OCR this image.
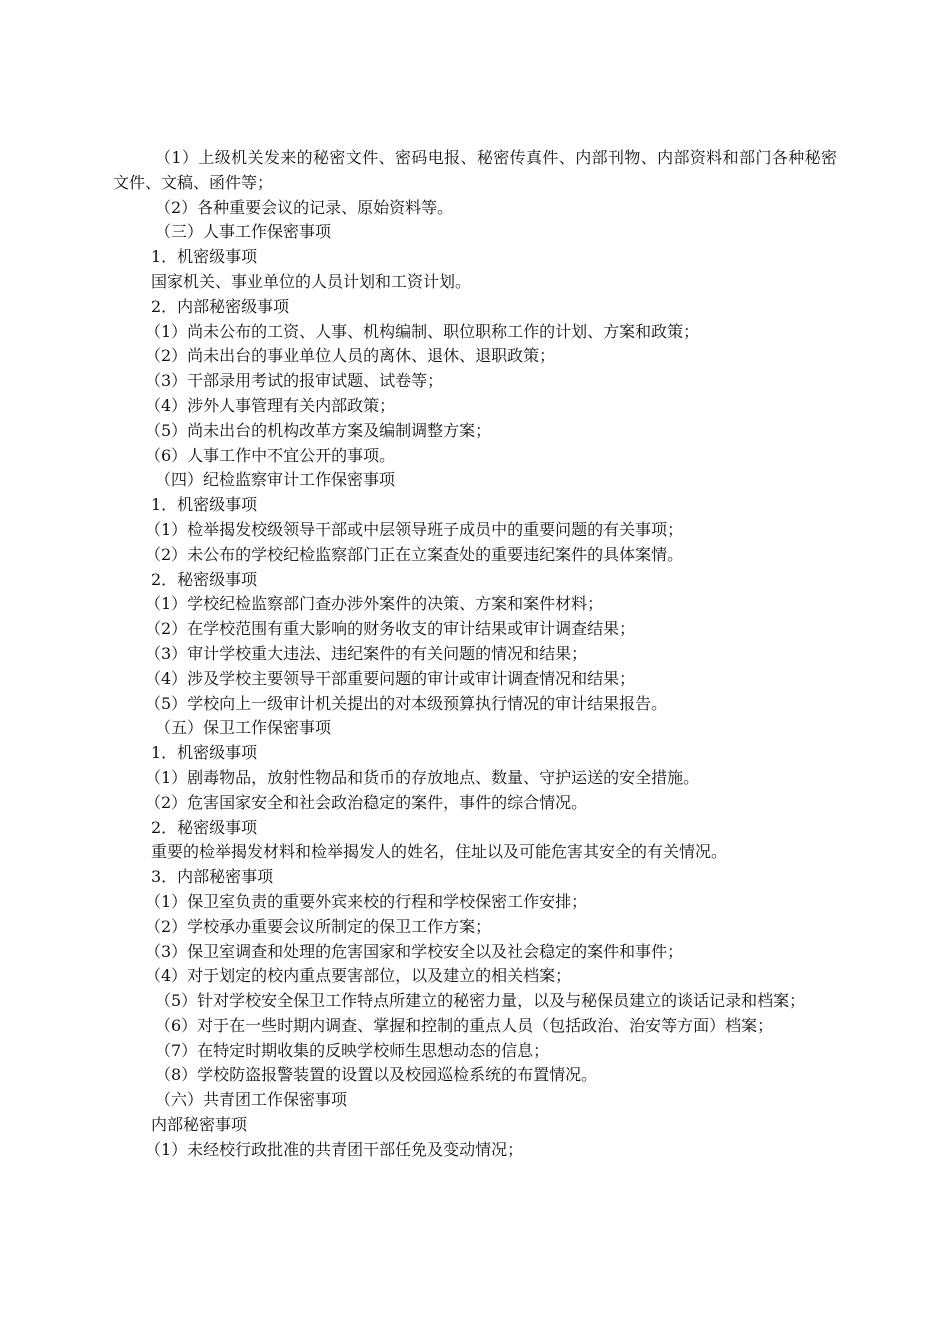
（1）上级机关发来的秘密文件、密码电报、秘密传真件、内部刊物、内部资料和部门各种秘密文件、文稿、函件等；
（2）各种重要会议的记录、原始资料等。
（三）人事工作保密事项
1．机密级事项
国家机关、事业单位的人员计划和工资计划。
2．内部秘密级事项
（1）尚未公布的工资、人事、机构编制、职位职称工作的计划、方案和政策；
（2）尚未出台的事业单位人员的离休、退休、退职政策；
（3）干部录用考试的报审试题、试卷等；
（4）涉外人事管理有关内部政策；
（5）尚未出台的机构改革方案及编制调整方案；
（6）人事工作中不宜公开的事项。
（四）纪检监察审计工作保密事项
1．机密级事项
（1）检举揭发校级领导干部或中层领导班子成员中的重要问题的有关事项；
（2）未公布的学校纪检监察部门正在立案查处的重要违纪案件的具体案情。
2．秘密级事项
（1）学校纪检监察部门查办涉外案件的决策、方案和案件材料；
（2）在学校范围有重大影响的财务收支的审计结果或审计调查结果；
（3）审计学校重大违法、违纪案件的有关问题的情况和结果；
（4）涉及学校主要领导干部重要问题的审计或审计调查情况和结果；
（5）学校向上一级审计机关提出的对本级预算执行情况的审计结果报告。
（五）保卫工作保密事项
1．机密级事项
（1）剧毒物品，放射性物品和货币的存放地点、数量、守护运送的安全措施。
（2）危害国家安全和社会政治稳定的案件，事件的综合情况。
2．秘密级事项
重要的检举揭发材料和检举揭发人的姓名，住址以及可能危害其安全的有关情况。
3．内部秘密事项
（1）保卫室负责的重要外宾来校的行程和学校保密工作安排；
（2）学校承办重要会议所制定的保卫工作方案；
（3）保卫室调查和处理的危害国家和学校安全以及社会稳定的案件和事件；
（4）对于划定的校内重点要害部位，以及建立的相关档案；
（5）针对学校安全保卫工作特点所建立的秘密力量，以及与秘保员建立的谈话记录和档案；
（6）对于在一些时期内调查、掌握和控制的重点人员（包括政治、治安等方面）档案；
（7）在特定时期收集的反映学校师生思想动态的信息；
（8）学校防盗报警装置的设置以及校园巡检系统的布置情况。
（六）共青团工作保密事项
内部秘密事项
（1）未经校行政批准的共青团干部任免及变动情况；
